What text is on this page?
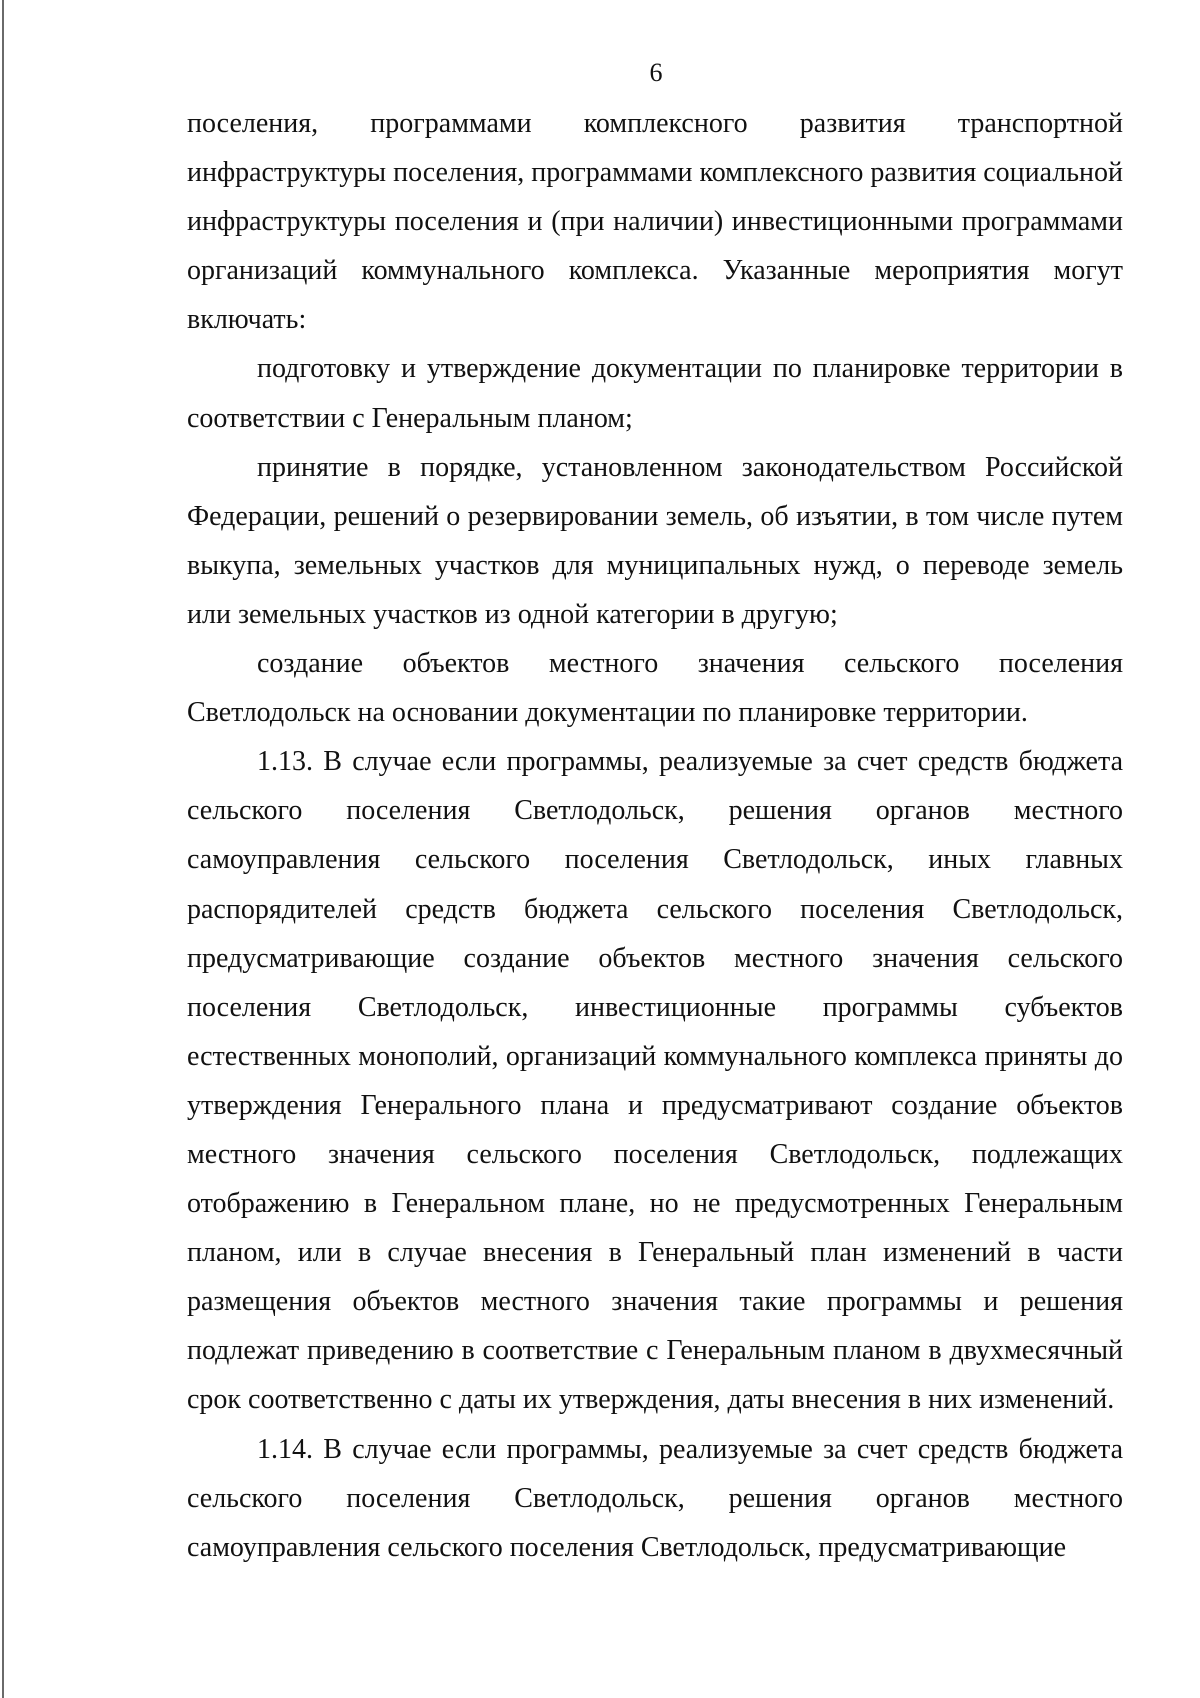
6

поселения, программами комплексного развития транспортной инфраструктуры поселения, программами комплексного развития социальной инфраструктуры поселения и (при наличии) инвестиционными программами организаций коммунального комплекса. Указанные мероприятия могут включать:

подготовку и утверждение документации по планировке территории в соответствии с Генеральным планом;

принятие в порядке, установленном законодательством Российской Федерации, решений о резервировании земель, об изъятии, в том числе путем выкупа, земельных участков для муниципальных нужд, о переводе земель или земельных участков из одной категории в другую;

создание объектов местного значения сельского поселения Светлодольск на основании документации по планировке территории.

1.13. В случае если программы, реализуемые за счет средств бюджета сельского поселения Светлодольск, решения органов местного самоуправления сельского поселения Светлодольск, иных главных распорядителей средств бюджета сельского поселения Светлодольск, предусматривающие создание объектов местного значения сельского поселения Светлодольск, инвестиционные программы субъектов естественных монополий, организаций коммунального комплекса приняты до утверждения Генерального плана и предусматривают создание объектов местного значения сельского поселения Светлодольск, подлежащих отображению в Генеральном плане, но не предусмотренных Генеральным планом, или в случае внесения в Генеральный план изменений в части размещения объектов местного значения такие программы и решения подлежат приведению в соответствие с Генеральным планом в двухмесячный срок соответственно с даты их утверждения, даты внесения в них изменений.

1.14. В случае если программы, реализуемые за счет средств бюджета сельского поселения Светлодольск, решения органов местного самоуправления сельского поселения Светлодольск, предусматривающие
